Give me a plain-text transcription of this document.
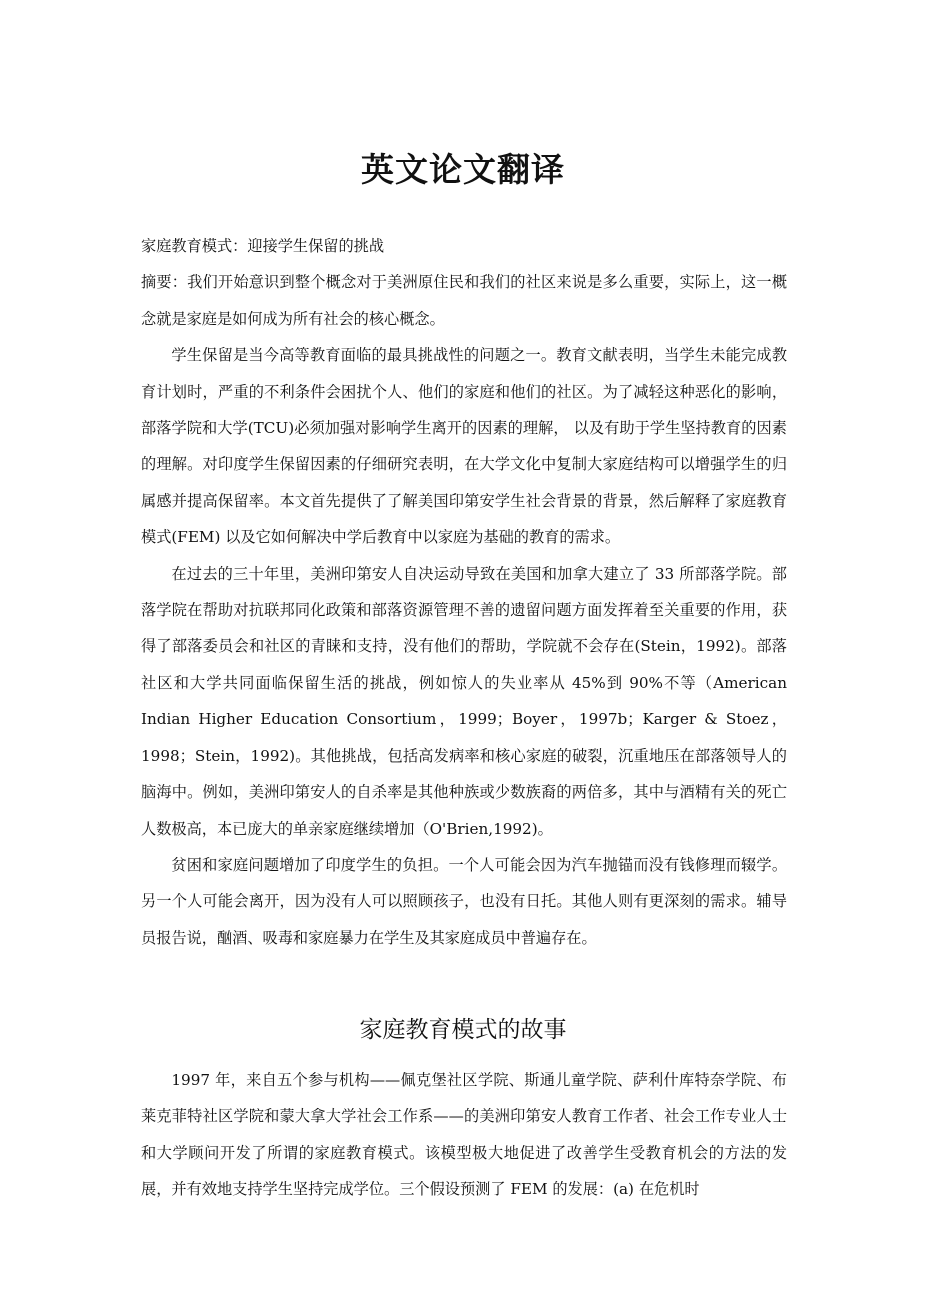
英文论文翻译

家庭教育模式：迎接学生保留的挑战

摘要：我们开始意识到整个概念对于美洲原住民和我们的社区来说是多么重要，实际上，这一概念就是家庭是如何成为所有社会的核心概念。

学生保留是当今高等教育面临的最具挑战性的问题之一。教育文献表明，当学生未能完成教育计划时，严重的不利条件会困扰个人、他们的家庭和他们的社区。为了减轻这种恶化的影响，部落学院和大学(TCU)必须加强对影响学生离开的因素的理解， 以及有助于学生坚持教育的因素的理解。对印度学生保留因素的仔细研究表明，在大学文化中复制大家庭结构可以增强学生的归属感并提高保留率。本文首先提供了了解美国印第安学生社会背景的背景，然后解释了家庭教育模式(FEM) 以及它如何解决中学后教育中以家庭为基础的教育的需求。

在过去的三十年里，美洲印第安人自决运动导致在美国和加拿大建立了 33 所部落学院。部落学院在帮助对抗联邦同化政策和部落资源管理不善的遗留问题方面发挥着至关重要的作用，获得了部落委员会和社区的青睐和支持，没有他们的帮助，学院就不会存在(Stein，1992)。部落社区和大学共同面临保留生活的挑战，例如惊人的失业率从 45%到 90%不等（American Indian Higher Education Consortium，1999；Boyer，1997b；Karger & Stoez，1998；Stein，1992)。其他挑战，包括高发病率和核心家庭的破裂，沉重地压在部落领导人的脑海中。例如，美洲印第安人的自杀率是其他种族或少数族裔的两倍多，其中与酒精有关的死亡人数极高，本已庞大的单亲家庭继续增加（O'Brien,1992)。

贫困和家庭问题增加了印度学生的负担。一个人可能会因为汽车抛锚而没有钱修理而辍学。另一个人可能会离开，因为没有人可以照顾孩子，也没有日托。其他人则有更深刻的需求。辅导员报告说，酗酒、吸毒和家庭暴力在学生及其家庭成员中普遍存在。

家庭教育模式的故事

1997 年，来自五个参与机构——佩克堡社区学院、斯通儿童学院、萨利什库特奈学院、布莱克菲特社区学院和蒙大拿大学社会工作系——的美洲印第安人教育工作者、社会工作专业人士和大学顾问开发了所谓的家庭教育模式。该模型极大地促进了改善学生受教育机会的方法的发展，并有效地支持学生坚持完成学位。三个假设预测了 FEM 的发展：(a) 在危机时
